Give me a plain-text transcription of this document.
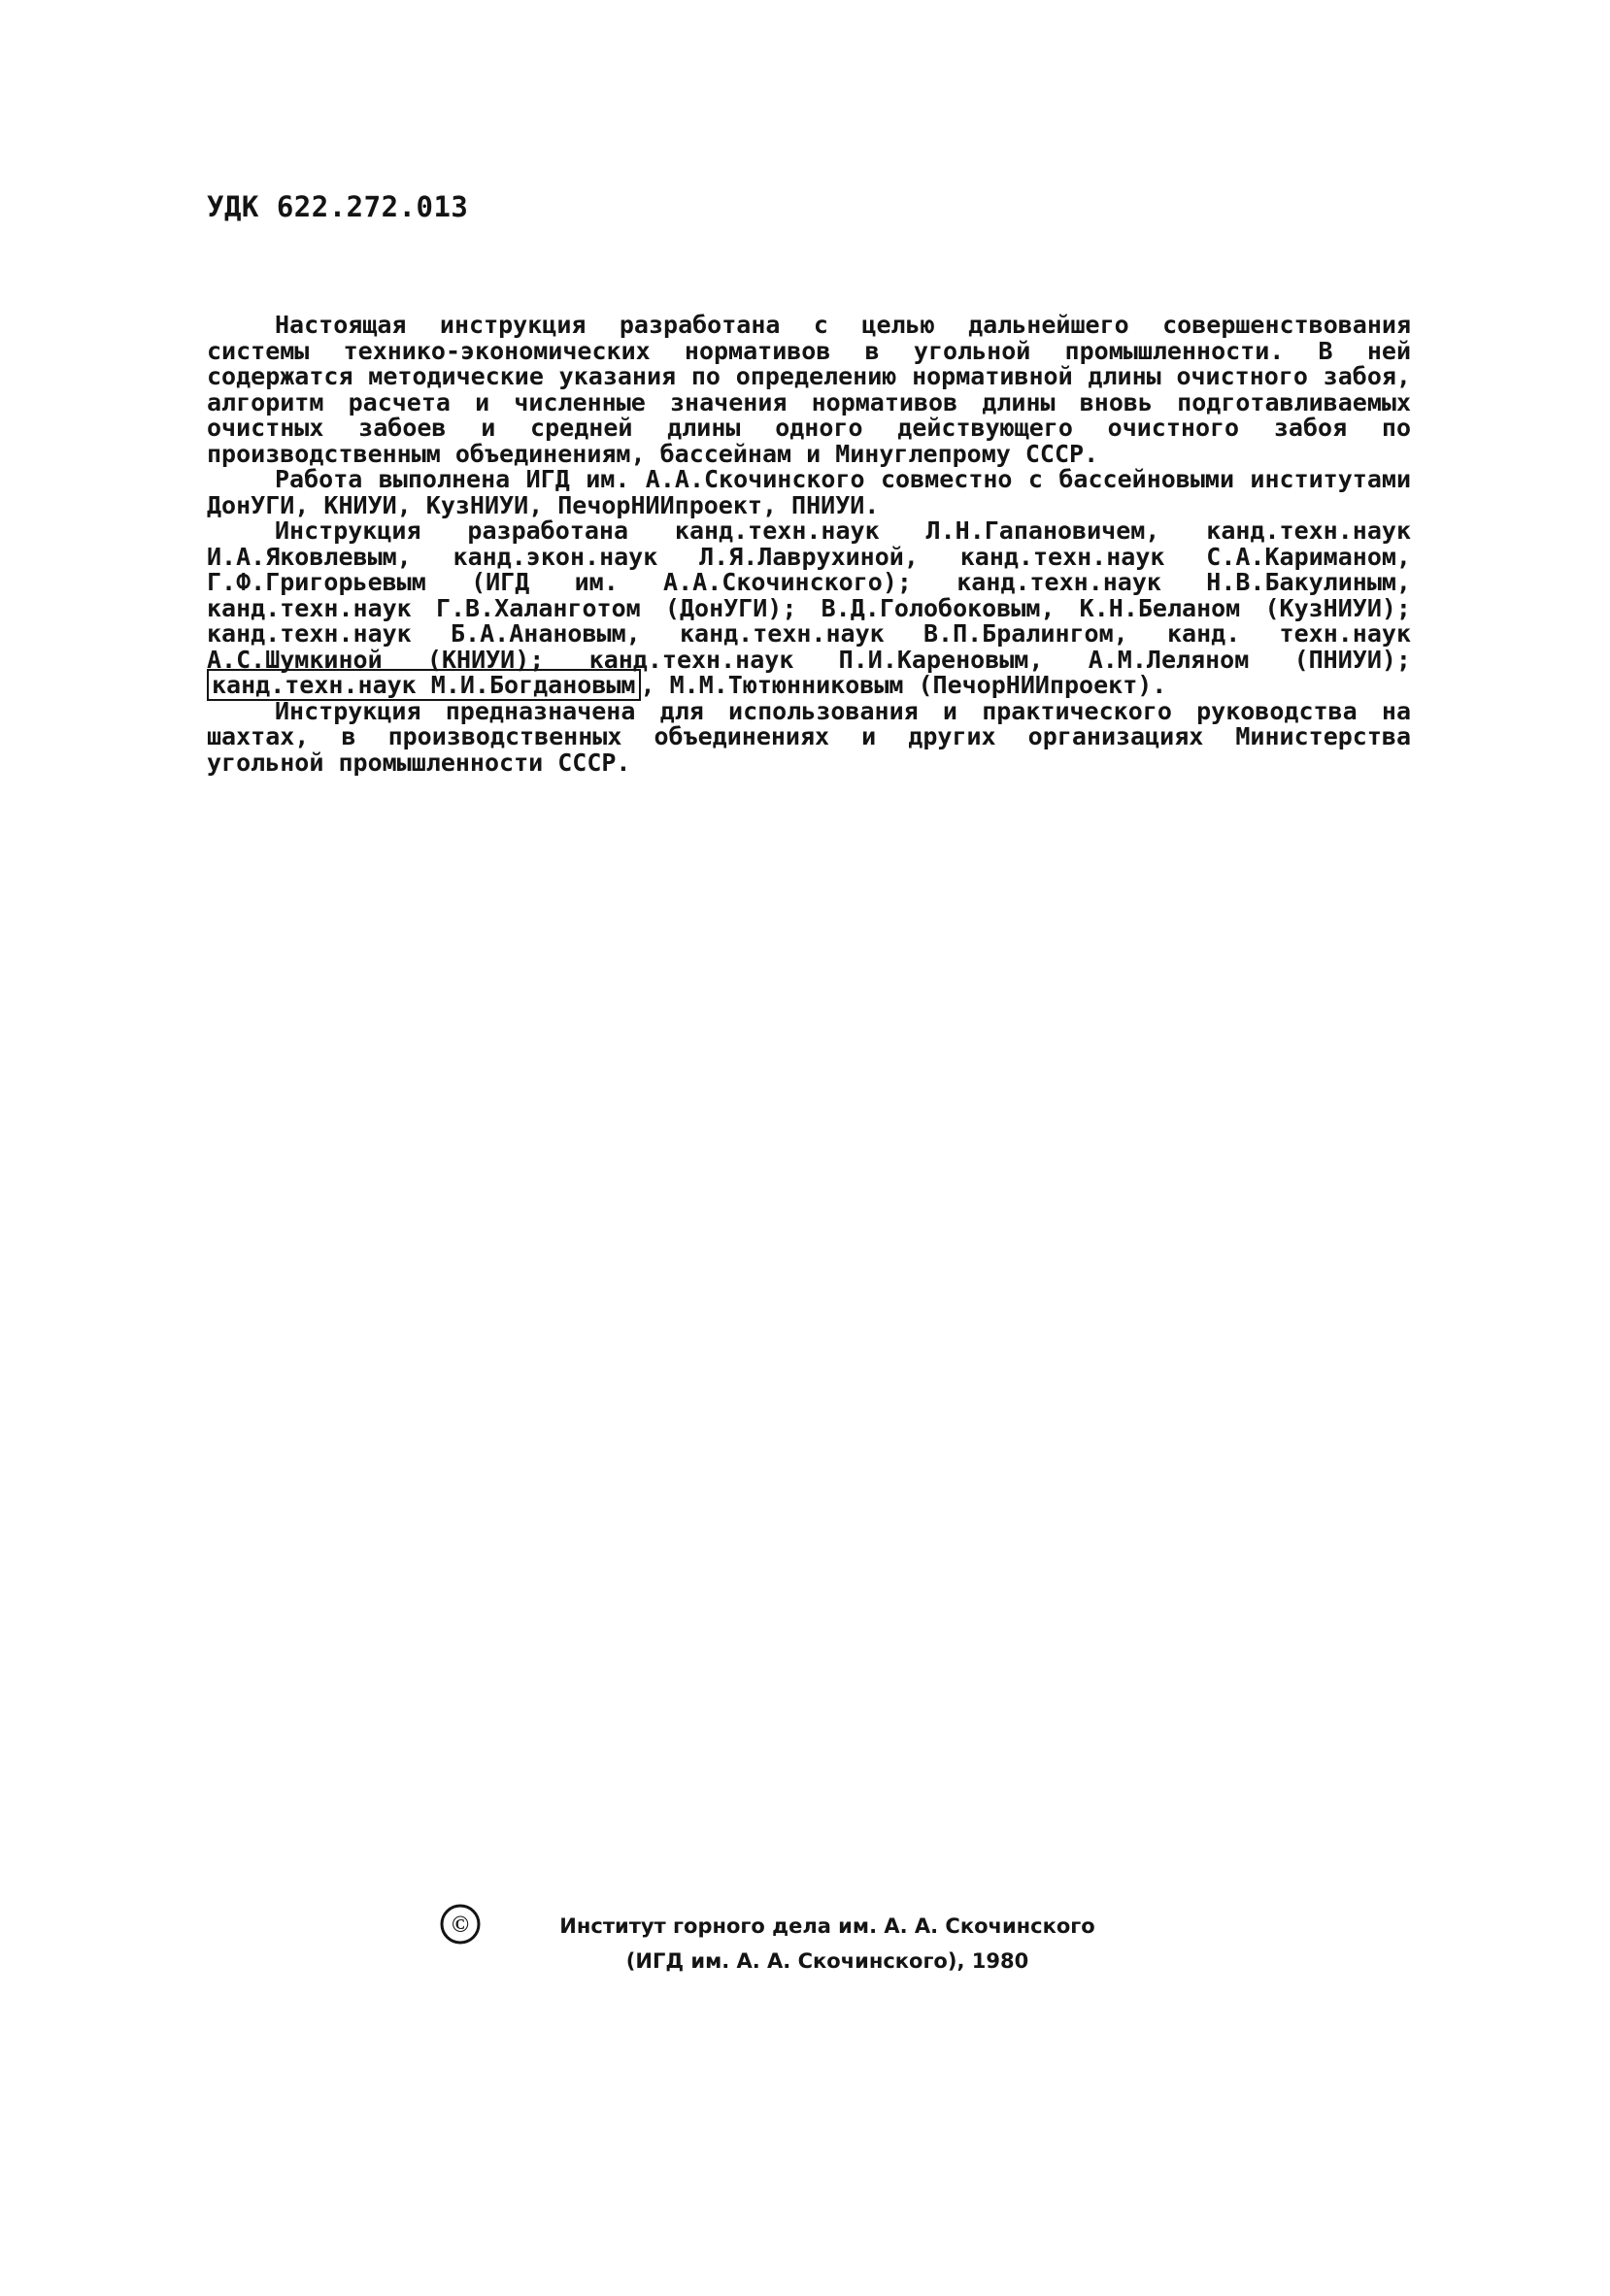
УДК 622.272.013

Настоящая инструкция разработана с целью дальнейшего совершенствования системы технико-экономических нормативов в угольной промышленности. В ней содержатся методические указания по определению нормативной длины очистного забоя, алгоритм расчета и численные значения нормативов длины вновь подготавливаемых очистных забоев и средней длины одного действующего очистного забоя по производственным объединениям, бассейнам и Минуглепрому СССР.

Работа выполнена ИГД им. А.А.Скочинского совместно с бассейновыми институтами ДонУГИ, КНИУИ, КузНИУИ, ПечорНИИпроект, ПНИУИ.

Инструкция разработана канд.техн.наук Л.Н.Гапановичем, канд.техн.наук И.А.Яковлевым, канд.экон.наук Л.Я.Лаврухиной, канд.техн.наук С.А.Кариманом, Г.Ф.Григорьевым (ИГД им. А.А.Скочинского); канд.техн.наук Н.В.Бакулиным, канд.техн.наук Г.В.Халанготом (ДонУГИ); В.Д.Голобоковым, К.Н.Беланом (КузНИУИ); канд.техн.наук Б.А.Анановым, канд.техн.наук В.П.Бралингом, канд. техн.наук А.С.Шумкиной (КНИУИ); канд.техн.наук П.И.Кареновым, А.М.Леляном (ПНИУИ); канд.техн.наук М.И.Богдановым , М.М.Тютюнниковым (ПечорНИИпроект).

Инструкция предназначена для использования и практического руководства на шахтах, в производственных объединениях и других организациях Министерства угольной промышленности СССР.

©	Институт горного дела им. А. А. Скочинского
(ИГД им. А. А. Скочинского), 1980
